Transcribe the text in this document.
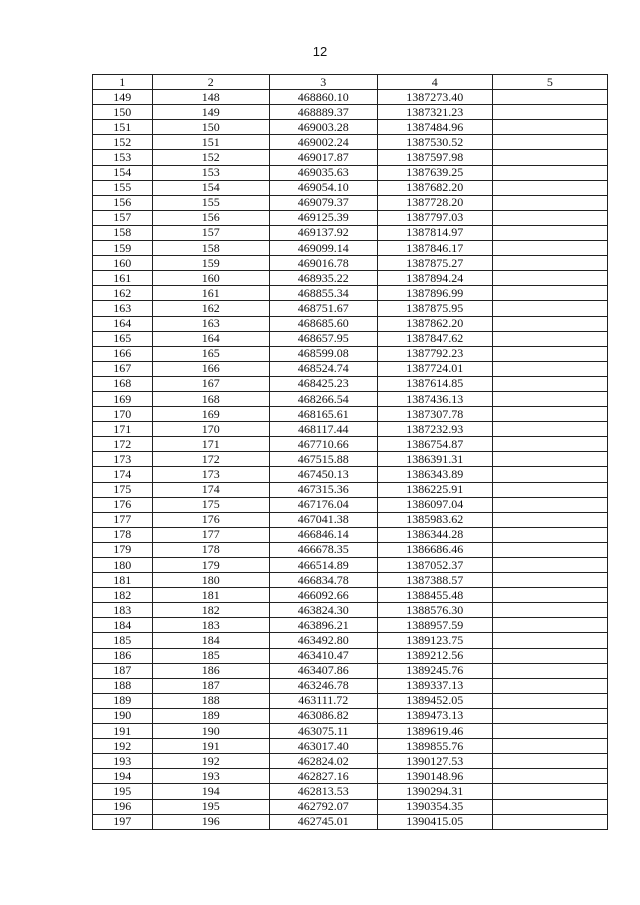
12
1	2	3	4	5
149	148	468860.10	1387273.40	
150	149	468889.37	1387321.23	
151	150	469003.28	1387484.96	
152	151	469002.24	1387530.52	
153	152	469017.87	1387597.98	
154	153	469035.63	1387639.25	
155	154	469054.10	1387682.20	
156	155	469079.37	1387728.20	
157	156	469125.39	1387797.03	
158	157	469137.92	1387814.97	
159	158	469099.14	1387846.17	
160	159	469016.78	1387875.27	
161	160	468935.22	1387894.24	
162	161	468855.34	1387896.99	
163	162	468751.67	1387875.95	
164	163	468685.60	1387862.20	
165	164	468657.95	1387847.62	
166	165	468599.08	1387792.23	
167	166	468524.74	1387724.01	
168	167	468425.23	1387614.85	
169	168	468266.54	1387436.13	
170	169	468165.61	1387307.78	
171	170	468117.44	1387232.93	
172	171	467710.66	1386754.87	
173	172	467515.88	1386391.31	
174	173	467450.13	1386343.89	
175	174	467315.36	1386225.91	
176	175	467176.04	1386097.04	
177	176	467041.38	1385983.62	
178	177	466846.14	1386344.28	
179	178	466678.35	1386686.46	
180	179	466514.89	1387052.37	
181	180	466834.78	1387388.57	
182	181	466092.66	1388455.48	
183	182	463824.30	1388576.30	
184	183	463896.21	1388957.59	
185	184	463492.80	1389123.75	
186	185	463410.47	1389212.56	
187	186	463407.86	1389245.76	
188	187	463246.78	1389337.13	
189	188	463111.72	1389452.05	
190	189	463086.82	1389473.13	
191	190	463075.11	1389619.46	
192	191	463017.40	1389855.76	
193	192	462824.02	1390127.53	
194	193	462827.16	1390148.96	
195	194	462813.53	1390294.31	
196	195	462792.07	1390354.35	
197	196	462745.01	1390415.05	
